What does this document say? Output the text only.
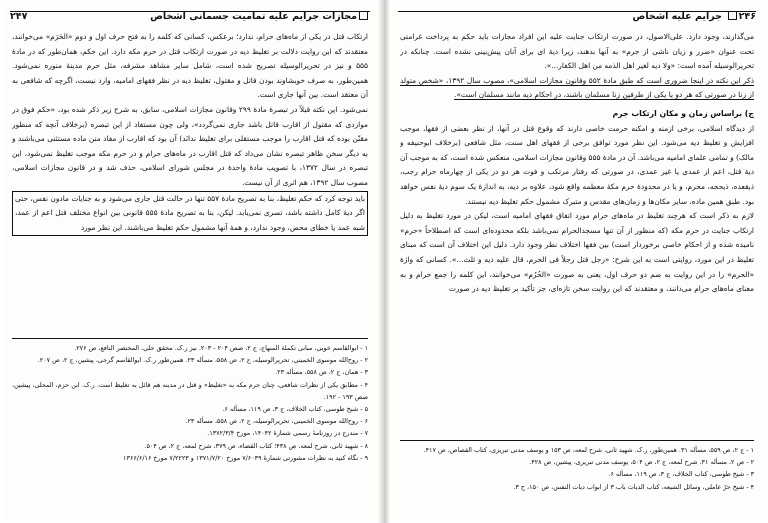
۲۴۷	مجازات جرایم علیه تمامیت جسمانی اشخاص

ارتکاب قتل در یکی از ماه‌های حرام، ندارد؛ برعکس، کسانی که کلمه را به فتح حرف اول و دوم «الحَرَم» می‌خوانند، معتقدند که این روایت دلالت بر تغلیظ دیه در صورت ارتکاب قتل در حرم مکه دارد. این حکم، همان‌طور که در مادهٔ ۵۵۵ و نیز در تحریرالوسیله تصریح شده است، شامل سایر مشاهد مشرفه، مثل حرم مدینهٔ منوره نمی‌شود. همین‌طور، به صرف خویشاوند بودن قاتل و مقتول، تغلیظ دیه در نظر فقهای امامیه، وارد نیست، اگرچه که شافعی به آن معتقد است. بین آنها جاری است.

نمی‌شود. این نکته قبلاً در تبصرهٔ مادهٔ ۲۹۹ وقانون مجازات اسلامی، سابق، به شرح زیر ذکر شده بود، «حکم فوق در مواردی که مقتول از اقارب قاتل باشد جاری نمی‌گردد»، ولی چون مستفاد از این تبصره (برخلاف آنچه که منظور مقنّن بوده که قتل اقارب را موجب مستقلی برای تغلیظ ندانَد) آن بود که اقارب از مفاد متن ماده مستثنی می‌باشند و به دیگر سخن ظاهر تبصره نشان می‌داد که قتل اقارب در ماه‌های حرام و در حرم مکه موجب تغلیظ نمی‌شود، این تبصره در سال ۱۳۷۲، با تصویب مادهٔ واحدهٔ در مجلس شورای اسلامی، حذف شد و در قانون مجازات اسلامی، مصوب سال ۱۳۹۲، هم اثری از آن نیست.

باید توجه کرد که حکم تغلیظ، بنا به تصریح مادهٔ ۵۵۷ تنها در حالت قتل جاری می‌شود و به جنایات مادون نفس، حتی اگر دیهٔ کامل داشته باشد، تسری نمی‌یابد. لیکن، بنا به تصریح مادهٔ ۵۵۵ قانونی بین انواع مختلف قتل اعم از عمد، شبه عمد یا خطای محض، وجود ندارد، و همهٔ آنها مشمول حکم تغلیظ می‌باشند. این نظر مورد

۱ - ابوالقاسم خویی، مبانی تکملة المنهاج، ج ۲، صص ۲۰۴ - ۲۰۳. نیز ر.ک. محقق حلی، المختصر النافع، ص ۲۷۶.

۲ - روح‌الله موسوی الخمینی، تحریرالوسیله، ج ۲، ص ۵۵۸، مسأله ۲۳. همین‌طور ر.ک. ابوالقاسم گرجی، پیشین، ج ۲، ص ۲۰۷.

۳ - همان، ج ۲، ص ۵۵۸، مسأله ۲۳.

۴ - مطابق یکی از نظرات شافعی، چنان حرم مکه به «تغلیظ» و قتل در مدینه هم قائل به تغلیظ است. ر.ک. ابن حزم، المحلی، پیشین، صص ۱۹۳ - ۱۹۲.

۵ - شیخ طوسی، کتاب الخلاف، ج ۳، ص ۱۱۹، مسأله ۶.

۶ - روح‌الله موسوی الخمینی، تحریرالوسیله، ج ۲، ص ۵۵۸، مسأله ۲۳.

۷ - مندرج در روزنامهٔ رسمی شمارهٔ ۱۴۰۴۲، مورخ ۱۳۷۲/۳/۴.

۸ - شهید ثانی، شرح لمعه، ص ۴۳۸؛ کتاب القضاء، ص ۳۷۹، شرح لمعه، ج ۲، ص ۵۰۴.

۹ - نگاه کنید به نظرات مشورتی شمارهٔ ۷/۶۰۳۹ مورخ ۱۳۷۱/۷/۲۰ و ۷/۲۲۲۳ مورخ ۱۳۶۶/۶/۱۶

۲۴۶
جرایم علیه اشخاص

می‌گذارند، وجود دارد. علی‌الاصول، در صورت ارتکاب جنایت علیه این افراد مجازات باید حکم به پرداخت غرامتی تحت عنوان «ضرر و زیان ناشی از جرم» به آنها بدهند، زیرا دیهٔ ای برای آنان پیش‌بینی نشده است. چنانکه در تحریرالوسیله آمده است: «ولا دیه لغیر اهل الذمه من اهل الکفار...».

ذکر این نکته در اینجا ضروری است که طبق مادهٔ ۵۵۲ وقانون مجازات اسلامی»، مصوب سال ۱۳۹۲، «شخص متولد از زنا در صورتی که هر دو یا یکی از طرفین زنا مسلمان باشند، در احکام دیه مانند مسلمان است».

ج) براساس زمان و مکان ارتکاب جرم

از دیدگاه اسلامی، برخی ازمنه و امکنه حرمت خاصی دارند که وقوع قتل در آنها، از نظر بعضی از فقها، موجب افزایش و تغلیظ دیه می‌شود. این نظر مورد توافق برخی از فقهای اهل سنت، مثل شافعی (برخلاف ابوحنیفه و مالک) و تمامی علمای امامیه می‌باشد. آن در مادهٔ ۵۵۵ وقانون مجازات اسلامی، منعکس شده است، که به موجب آن دیهٔ قتل، اعم از عمدی یا غیر عمدی، در صورتی که رفتار مرتکب و فوت هر دو در یکی از چهارماه حرام رجب، ذیقعده، ذیحجه، محرم، و یا در محدودهٔ حرم مکهٔ معظمه واقع شود، علاوه بر دیه، به اندازهٔ یک سوم دیهٔ نفس خواهد بود. طبق همین ماده، سایر مکان‌ها و زمان‌های مقدس و متبرک مشمول حکم تغلیظ دیه نیستند.

لازم به ذکر است که هرچند تغلیظ در ماه‌های حرام مورد اتفاق فقهای امامیه است، لیکن در مورد تغلیظ به دلیل ارتکاب جنایت در حرم مکه (که منظور از آن تنها مسجدالحرام نمی‌باشد بلکه محدوده‌ای است که اصطلاحاً «حرم» نامیده شده و از احکام خاصی برخوردار است) بین فقها اختلاف نظر وجود دارد. دلیل این اختلاف آن است که مبنای تغلیظ در این مورد، روایتی است به این شرح: «رجل قتل رجلاً فی الحرم، قال علیه دیه و ثلث...». کسانی که واژهٔ «الحرم» را در این روایت به ضم دو حرف اول، یعنی به صورت «الحُرُم» می‌خوانند، این کلمه را جمع حرام و به معنای ماه‌های حرام می‌دانند، و معتقدند که این روایت سخن تازه‌ای، جز تأکید بر تغلیظ دیه در صورت

۱ - ج ۲، ص ۵۵۹، مسأله ۳۱. همین‌طور، ر.ک. شهید ثانی، شرح لمعه، ص ۱۵۳ و یوسف مدنی تبریزی، کتاب القصاص، ص ۴۱۷.

۲ - ص ۲، مسأله ۳۱. شرح لمعه، ج ۲، ص ۵۰۴، یوسف مدنی تبریزی، پیشین، ص ۴۲۸.

۳ - شیخ طوسی، کتاب الخلاف، ج ۳، ص ۱۱۹، مسأله ۶.

۴ - شیخ حرّ عاملی، وسائل الشیعه، کتاب الدیات باب ۳ از ابواب دیات النفس، ص ۱۵۰، ح ۳.
